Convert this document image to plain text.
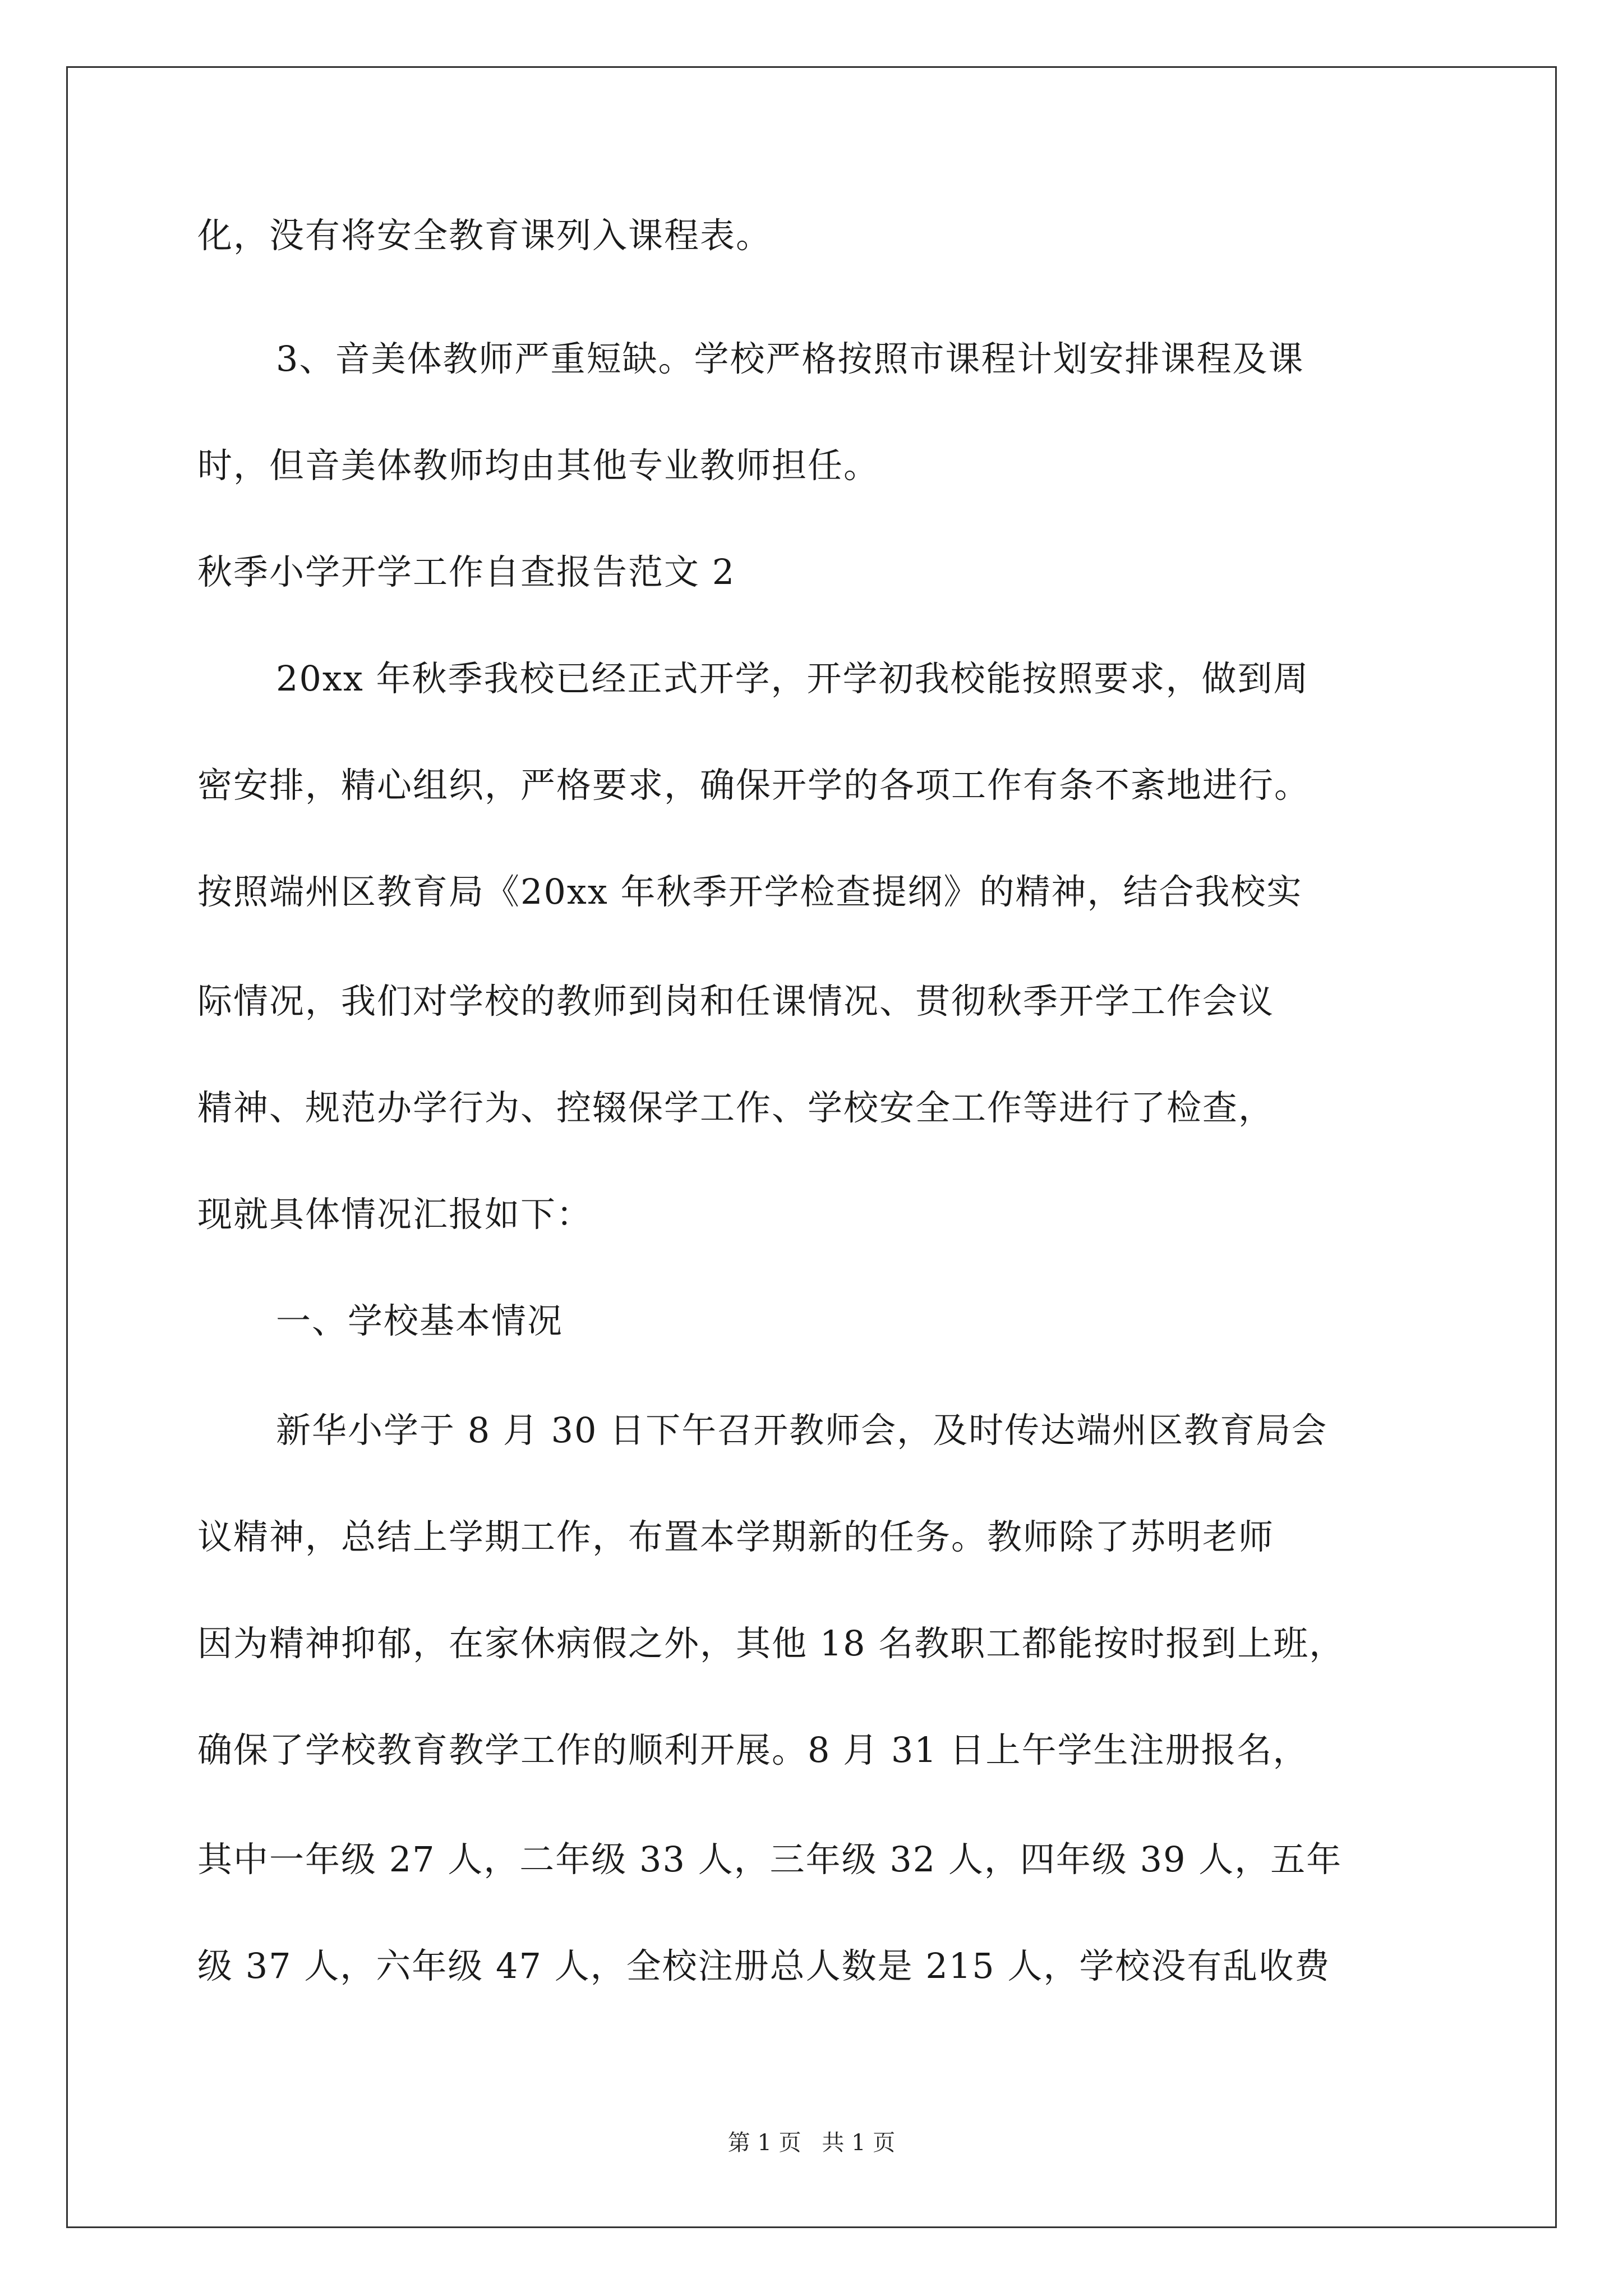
化，没有将安全教育课列入课程表。
3、音美体教师严重短缺。学校严格按照市课程计划安排课程及课
时，但音美体教师均由其他专业教师担任。
秋季小学开学工作自查报告范文 2
20xx 年秋季我校已经正式开学，开学初我校能按照要求，做到周
密安排，精心组织，严格要求，确保开学的各项工作有条不紊地进行。
按照端州区教育局《20xx 年秋季开学检查提纲》的精神，结合我校实
际情况，我们对学校的教师到岗和任课情况、贯彻秋季开学工作会议
精神、规范办学行为、控辍保学工作、学校安全工作等进行了检查，
现就具体情况汇报如下：
一、学校基本情况
新华小学于 8 月 30 日下午召开教师会，及时传达端州区教育局会
议精神，总结上学期工作，布置本学期新的任务。教师除了苏明老师
因为精神抑郁，在家休病假之外，其他 18 名教职工都能按时报到上班，
确保了学校教育教学工作的顺利开展。8 月 31 日上午学生注册报名，
其中一年级 27 人，二年级 33 人，三年级 32 人，四年级 39 人，五年
级 37 人，六年级 47 人，全校注册总人数是 215 人，学校没有乱收费
第 1 页 共 1 页
